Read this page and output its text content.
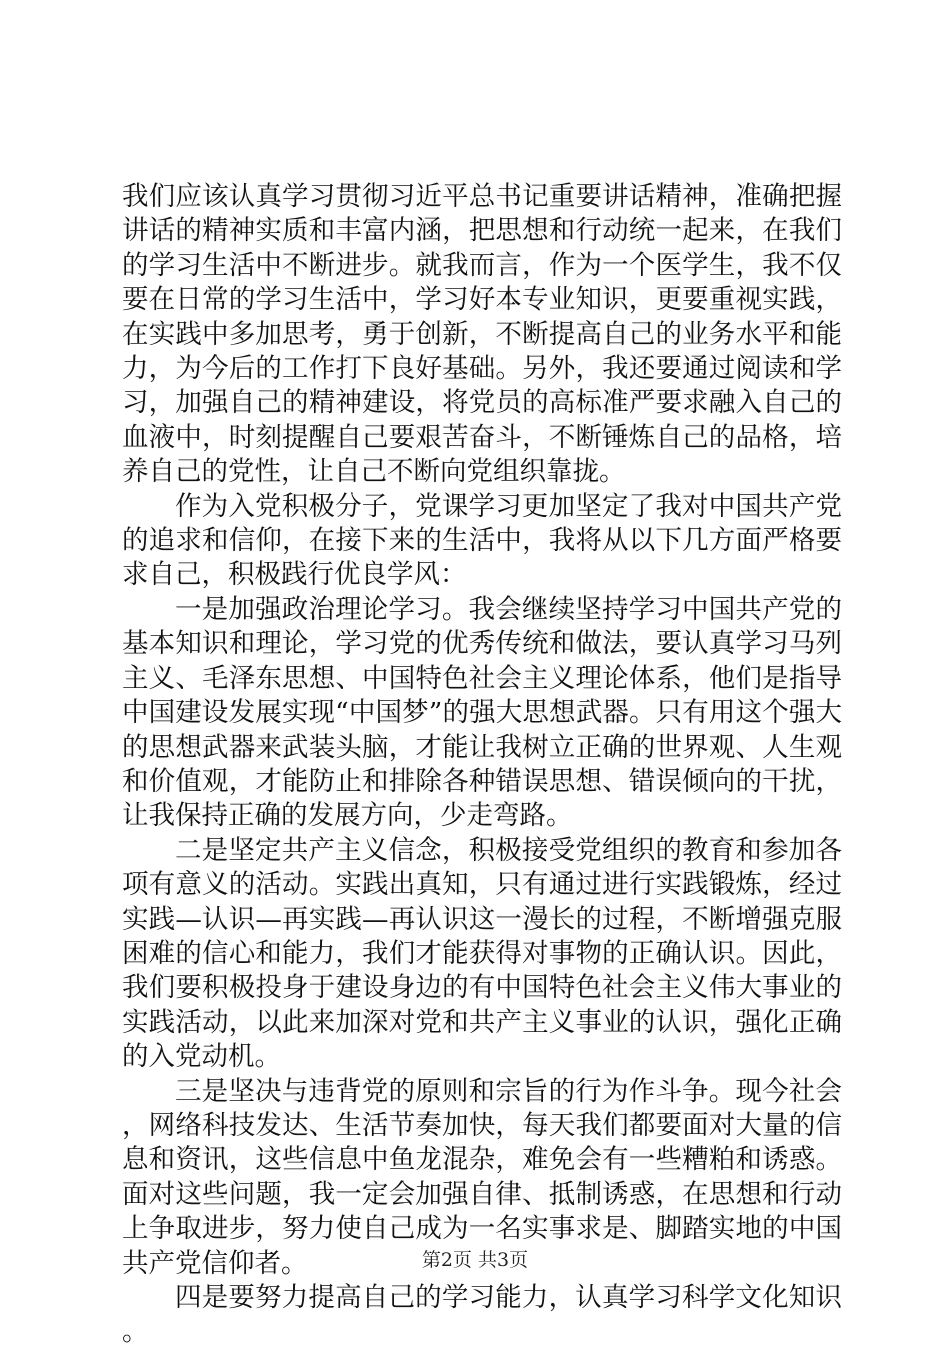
我们应该认真学习贯彻习近平总书记重要讲话精神，准确把握讲话的精神实质和丰富内涵，把思想和行动统一起来，在我们的学习生活中不断进步。就我而言，作为一个医学生，我不仅要在日常的学习生活中，学习好本专业知识，更要重视实践，在实践中多加思考，勇于创新，不断提高自己的业务水平和能力，为今后的工作打下良好基础。另外，我还要通过阅读和学习，加强自己的精神建设，将党员的高标准严要求融入自己的血液中，时刻提醒自己要艰苦奋斗，不断锤炼自己的品格，培养自己的党性，让自己不断向党组织靠拢。

作为入党积极分子，党课学习更加坚定了我对中国共产党的追求和信仰，在接下来的生活中，我将从以下几方面严格要求自己，积极践行优良学风：

一是加强政治理论学习。我会继续坚持学习中国共产党的基本知识和理论，学习党的优秀传统和做法，要认真学习马列主义、毛泽东思想、中国特色社会主义理论体系，他们是指导中国建设发展实现“中国梦”的强大思想武器。只有用这个强大的思想武器来武装头脑，才能让我树立正确的世界观、人生观和价值观，才能防止和排除各种错误思想、错误倾向的干扰，让我保持正确的发展方向，少走弯路。

二是坚定共产主义信念，积极接受党组织的教育和参加各项有意义的活动。实践出真知，只有通过进行实践锻炼，经过实践—认识—再实践—再认识这一漫长的过程，不断增强克服困难的信心和能力，我们才能获得对事物的正确认识。因此，我们要积极投身于建设身边的有中国特色社会主义伟大事业的实践活动，以此来加深对党和共产主义事业的认识，强化正确的入党动机。

三是坚决与违背党的原则和宗旨的行为作斗争。现今社会，网络科技发达、生活节奏加快，每天我们都要面对大量的信息和资讯，这些信息中鱼龙混杂，难免会有一些糟粕和诱惑。面对这些问题，我一定会加强自律、抵制诱惑，在思想和行动上争取进步，努力使自己成为一名实事求是、脚踏实地的中国共产党信仰者。

四是要努力提高自己的学习能力，认真学习科学文化知识。

第2页 共3页
